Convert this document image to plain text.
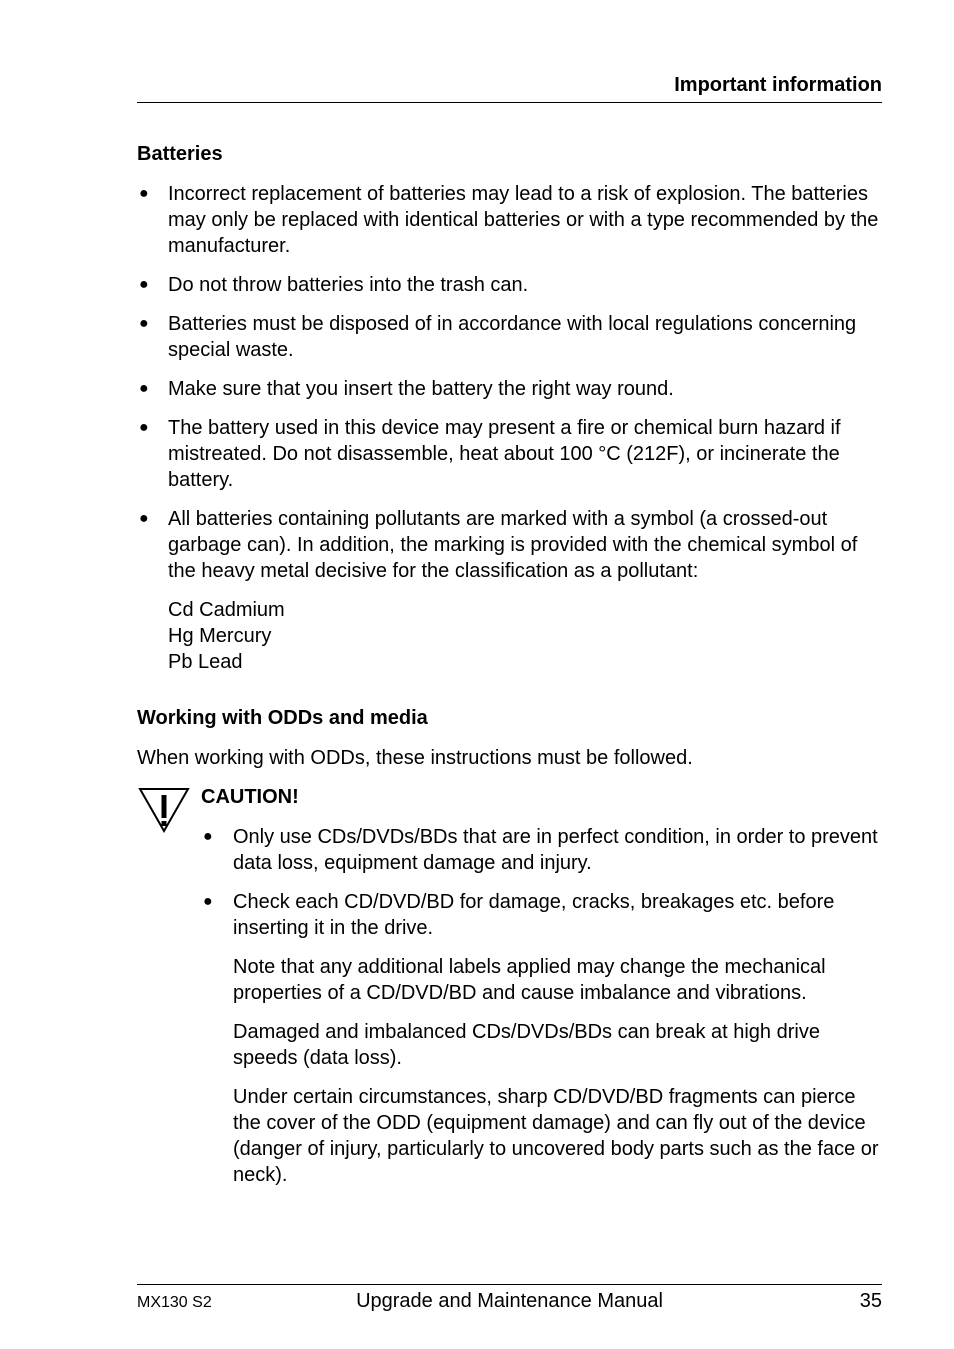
Important information
Batteries
● Incorrect replacement of batteries may lead to a risk of explosion. The batteries may only be replaced with identical batteries or with a type recommended by the manufacturer.
● Do not throw batteries into the trash can.
● Batteries must be disposed of in accordance with local regulations concerning special waste.
● Make sure that you insert the battery the right way round.
● The battery used in this device may present a fire or chemical burn hazard if mistreated. Do not disassemble, heat about 100 °C (212F), or incinerate the battery.
● All batteries containing pollutants are marked with a symbol (a crossed-out garbage can). In addition, the marking is provided with the chemical symbol of the heavy metal decisive for the classification as a pollutant:
Cd Cadmium
Hg Mercury
Pb Lead
Working with ODDs and media

When working with ODDs, these instructions must be followed.

CAUTION!
● Only use CDs/DVDs/BDs that are in perfect condition, in order to prevent data loss, equipment damage and injury.
● Check each CD/DVD/BD for damage, cracks, breakages etc. before inserting it in the drive.

Note that any additional labels applied may change the mechanical properties of a CD/DVD/BD and cause imbalance and vibrations.

Damaged and imbalanced CDs/DVDs/BDs can break at high drive speeds (data loss).

Under certain circumstances, sharp CD/DVD/BD fragments can pierce the cover of the ODD (equipment damage) and can fly out of the device (danger of injury, particularly to uncovered body parts such as the face or neck).

MX130 S2	Upgrade and Maintenance Manual	35
